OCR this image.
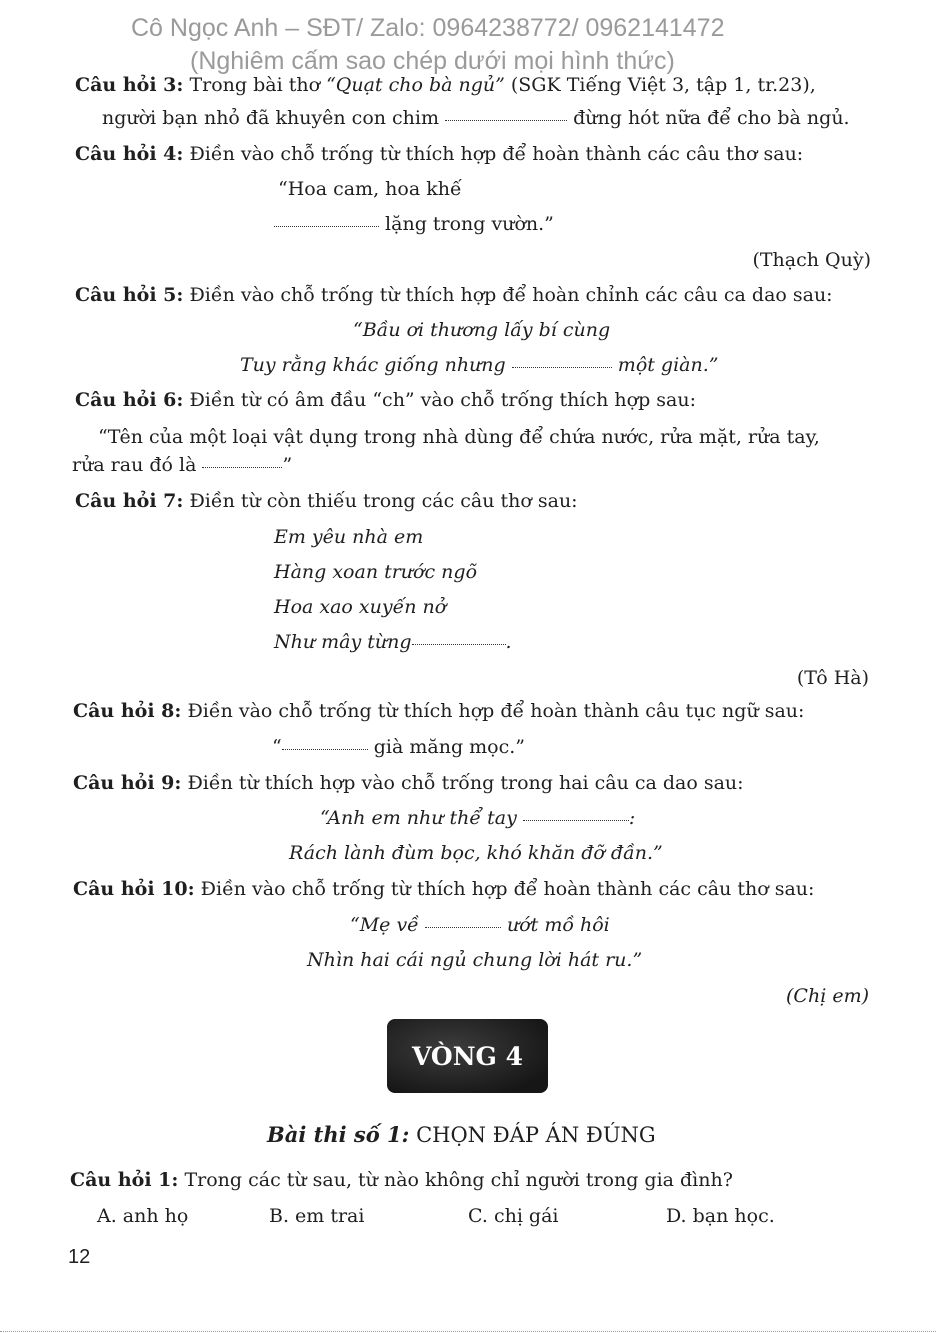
Cô Ngọc Anh – SĐT/ Zalo: 0964238772/ 0962141472
(Nghiêm cấm sao chép dưới mọi hình thức)
Câu hỏi 3: Trong bài thơ “Quạt cho bà ngủ” (SGK Tiếng Việt 3, tập 1, tr.23),
người bạn nhỏ đã khuyên con chim	đừng hót nữa để cho bà ngủ.
Câu hỏi 4: Điền vào chỗ trống từ thích hợp để hoàn thành các câu thơ sau:
“Hoa cam, hoa khế
lặng trong vườn.”
(Thạch Quỳ)
Câu hỏi 5: Điền vào chỗ trống từ thích hợp để hoàn chỉnh các câu ca dao sau:
“Bầu ơi thương lấy bí cùng
Tuy rằng khác giống nhưng	một giàn.”
Câu hỏi 6: Điền từ có âm đầu “ch” vào chỗ trống thích hợp sau:
“Tên của một loại vật dụng trong nhà dùng để chứa nước, rửa mặt, rửa tay,
rửa rau đó là	”
Câu hỏi 7: Điền từ còn thiếu trong các câu thơ sau:
Em yêu nhà em
Hàng xoan trước ngõ
Hoa xao xuyến nở
Như mây từng	.
(Tô Hà)
Câu hỏi 8: Điền vào chỗ trống từ thích hợp để hoàn thành câu tục ngữ sau:
“	già măng mọc.”
Câu hỏi 9: Điền từ thích hợp vào chỗ trống trong hai câu ca dao sau:
“Anh em như thể tay	:
Rách lành đùm bọc, khó khăn đỡ đần.”
Câu hỏi 10: Điền vào chỗ trống từ thích hợp để hoàn thành các câu thơ sau:
“Mẹ về	ướt mồ hôi
Nhìn hai cái ngủ chung lời hát ru.”
(Chị em)
VÒNG 4
Bài thi số 1: CHỌN ĐÁP ÁN ĐÚNG
Câu hỏi 1: Trong các từ sau, từ nào không chỉ người trong gia đình?
A. anh họ	B. em trai	C. chị gái	D. bạn học.
12
